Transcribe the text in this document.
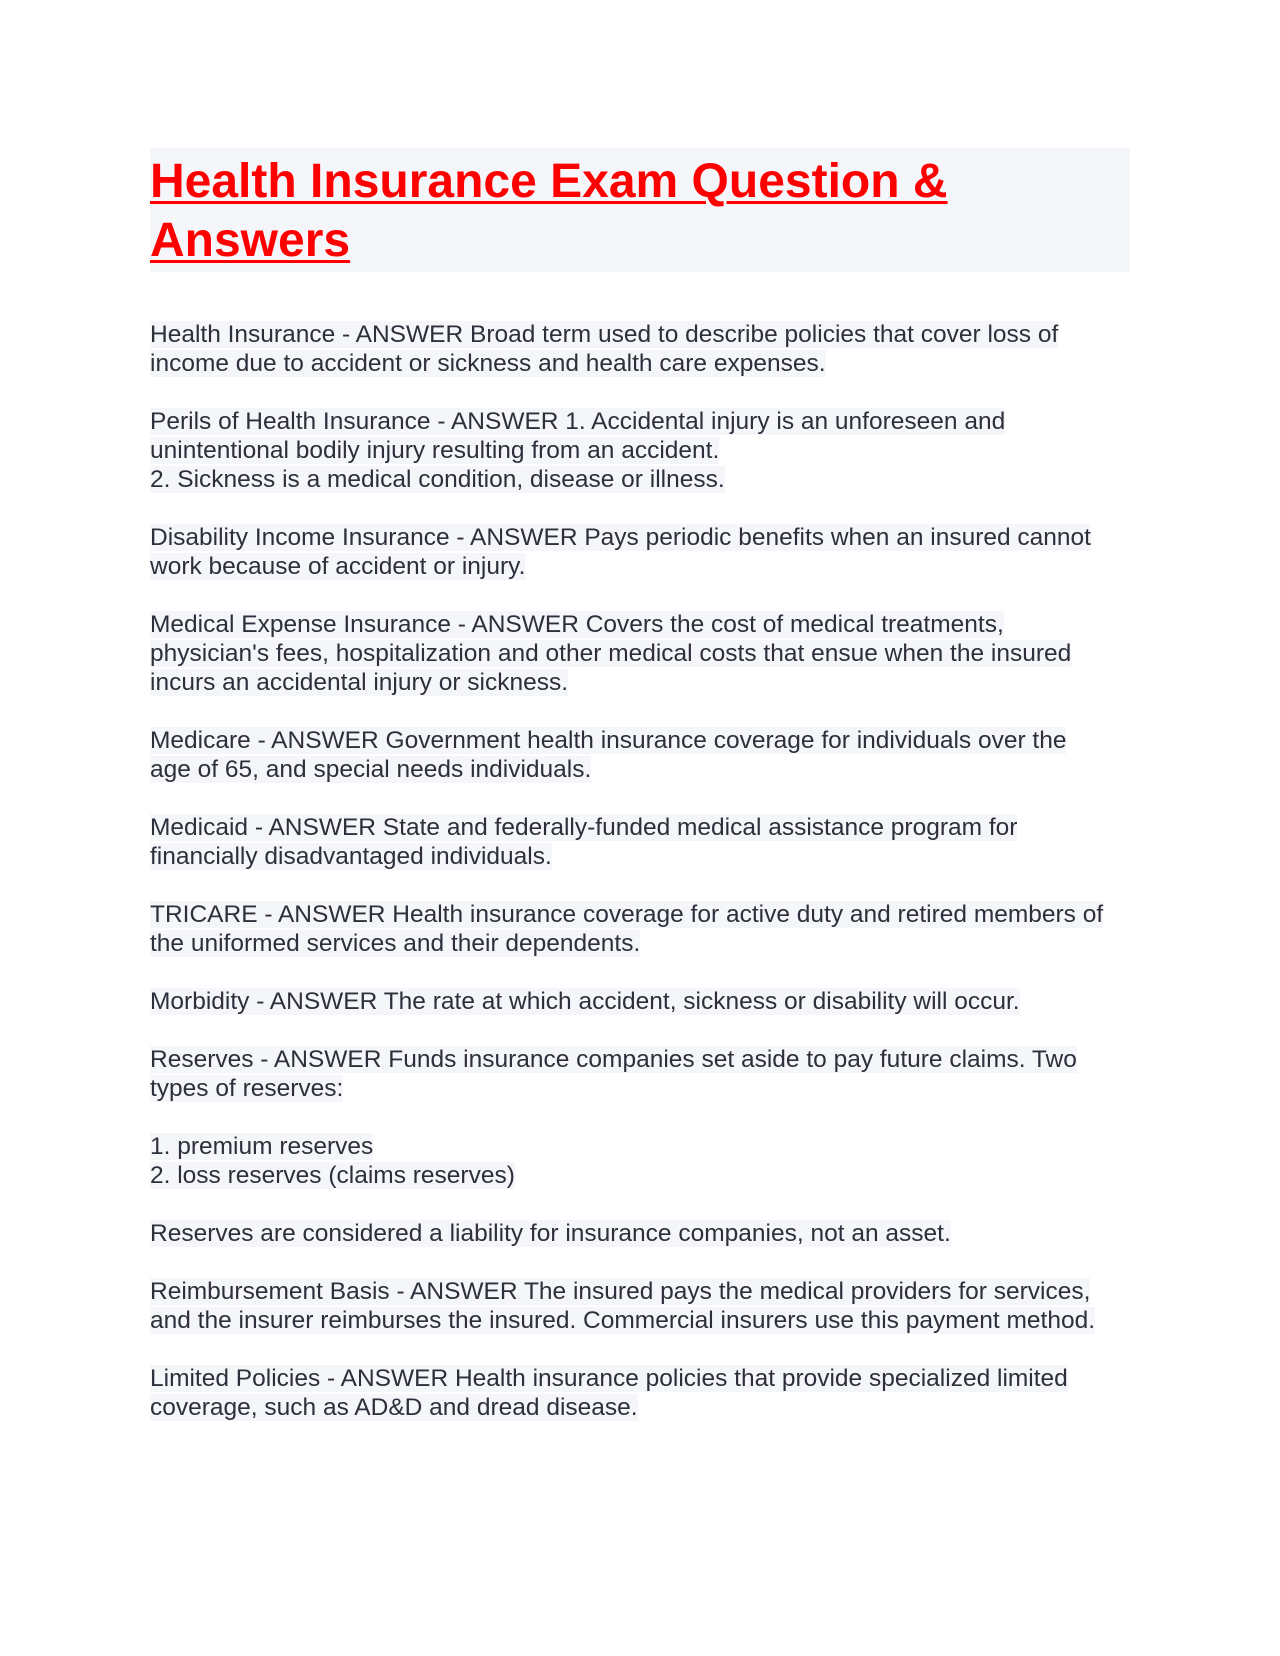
Health Insurance Exam Question &
Answers

Health Insurance - ANSWER Broad term used to describe policies that cover loss of
income due to accident or sickness and health care expenses.

Perils of Health Insurance - ANSWER 1. Accidental injury is an unforeseen and
unintentional bodily injury resulting from an accident.
2. Sickness is a medical condition, disease or illness.

Disability Income Insurance - ANSWER Pays periodic benefits when an insured cannot
work because of accident or injury.

Medical Expense Insurance - ANSWER Covers the cost of medical treatments,
physician's fees, hospitalization and other medical costs that ensue when the insured
incurs an accidental injury or sickness.

Medicare - ANSWER Government health insurance coverage for individuals over the
age of 65, and special needs individuals.

Medicaid - ANSWER State and federally-funded medical assistance program for
financially disadvantaged individuals.

TRICARE - ANSWER Health insurance coverage for active duty and retired members of
the uniformed services and their dependents.

Morbidity - ANSWER The rate at which accident, sickness or disability will occur.

Reserves - ANSWER Funds insurance companies set aside to pay future claims. Two
types of reserves:

1. premium reserves
2. loss reserves (claims reserves)

Reserves are considered a liability for insurance companies, not an asset.

Reimbursement Basis - ANSWER The insured pays the medical providers for services,
and the insurer reimburses the insured. Commercial insurers use this payment method.

Limited Policies - ANSWER Health insurance policies that provide specialized limited
coverage, such as AD&D and dread disease.
